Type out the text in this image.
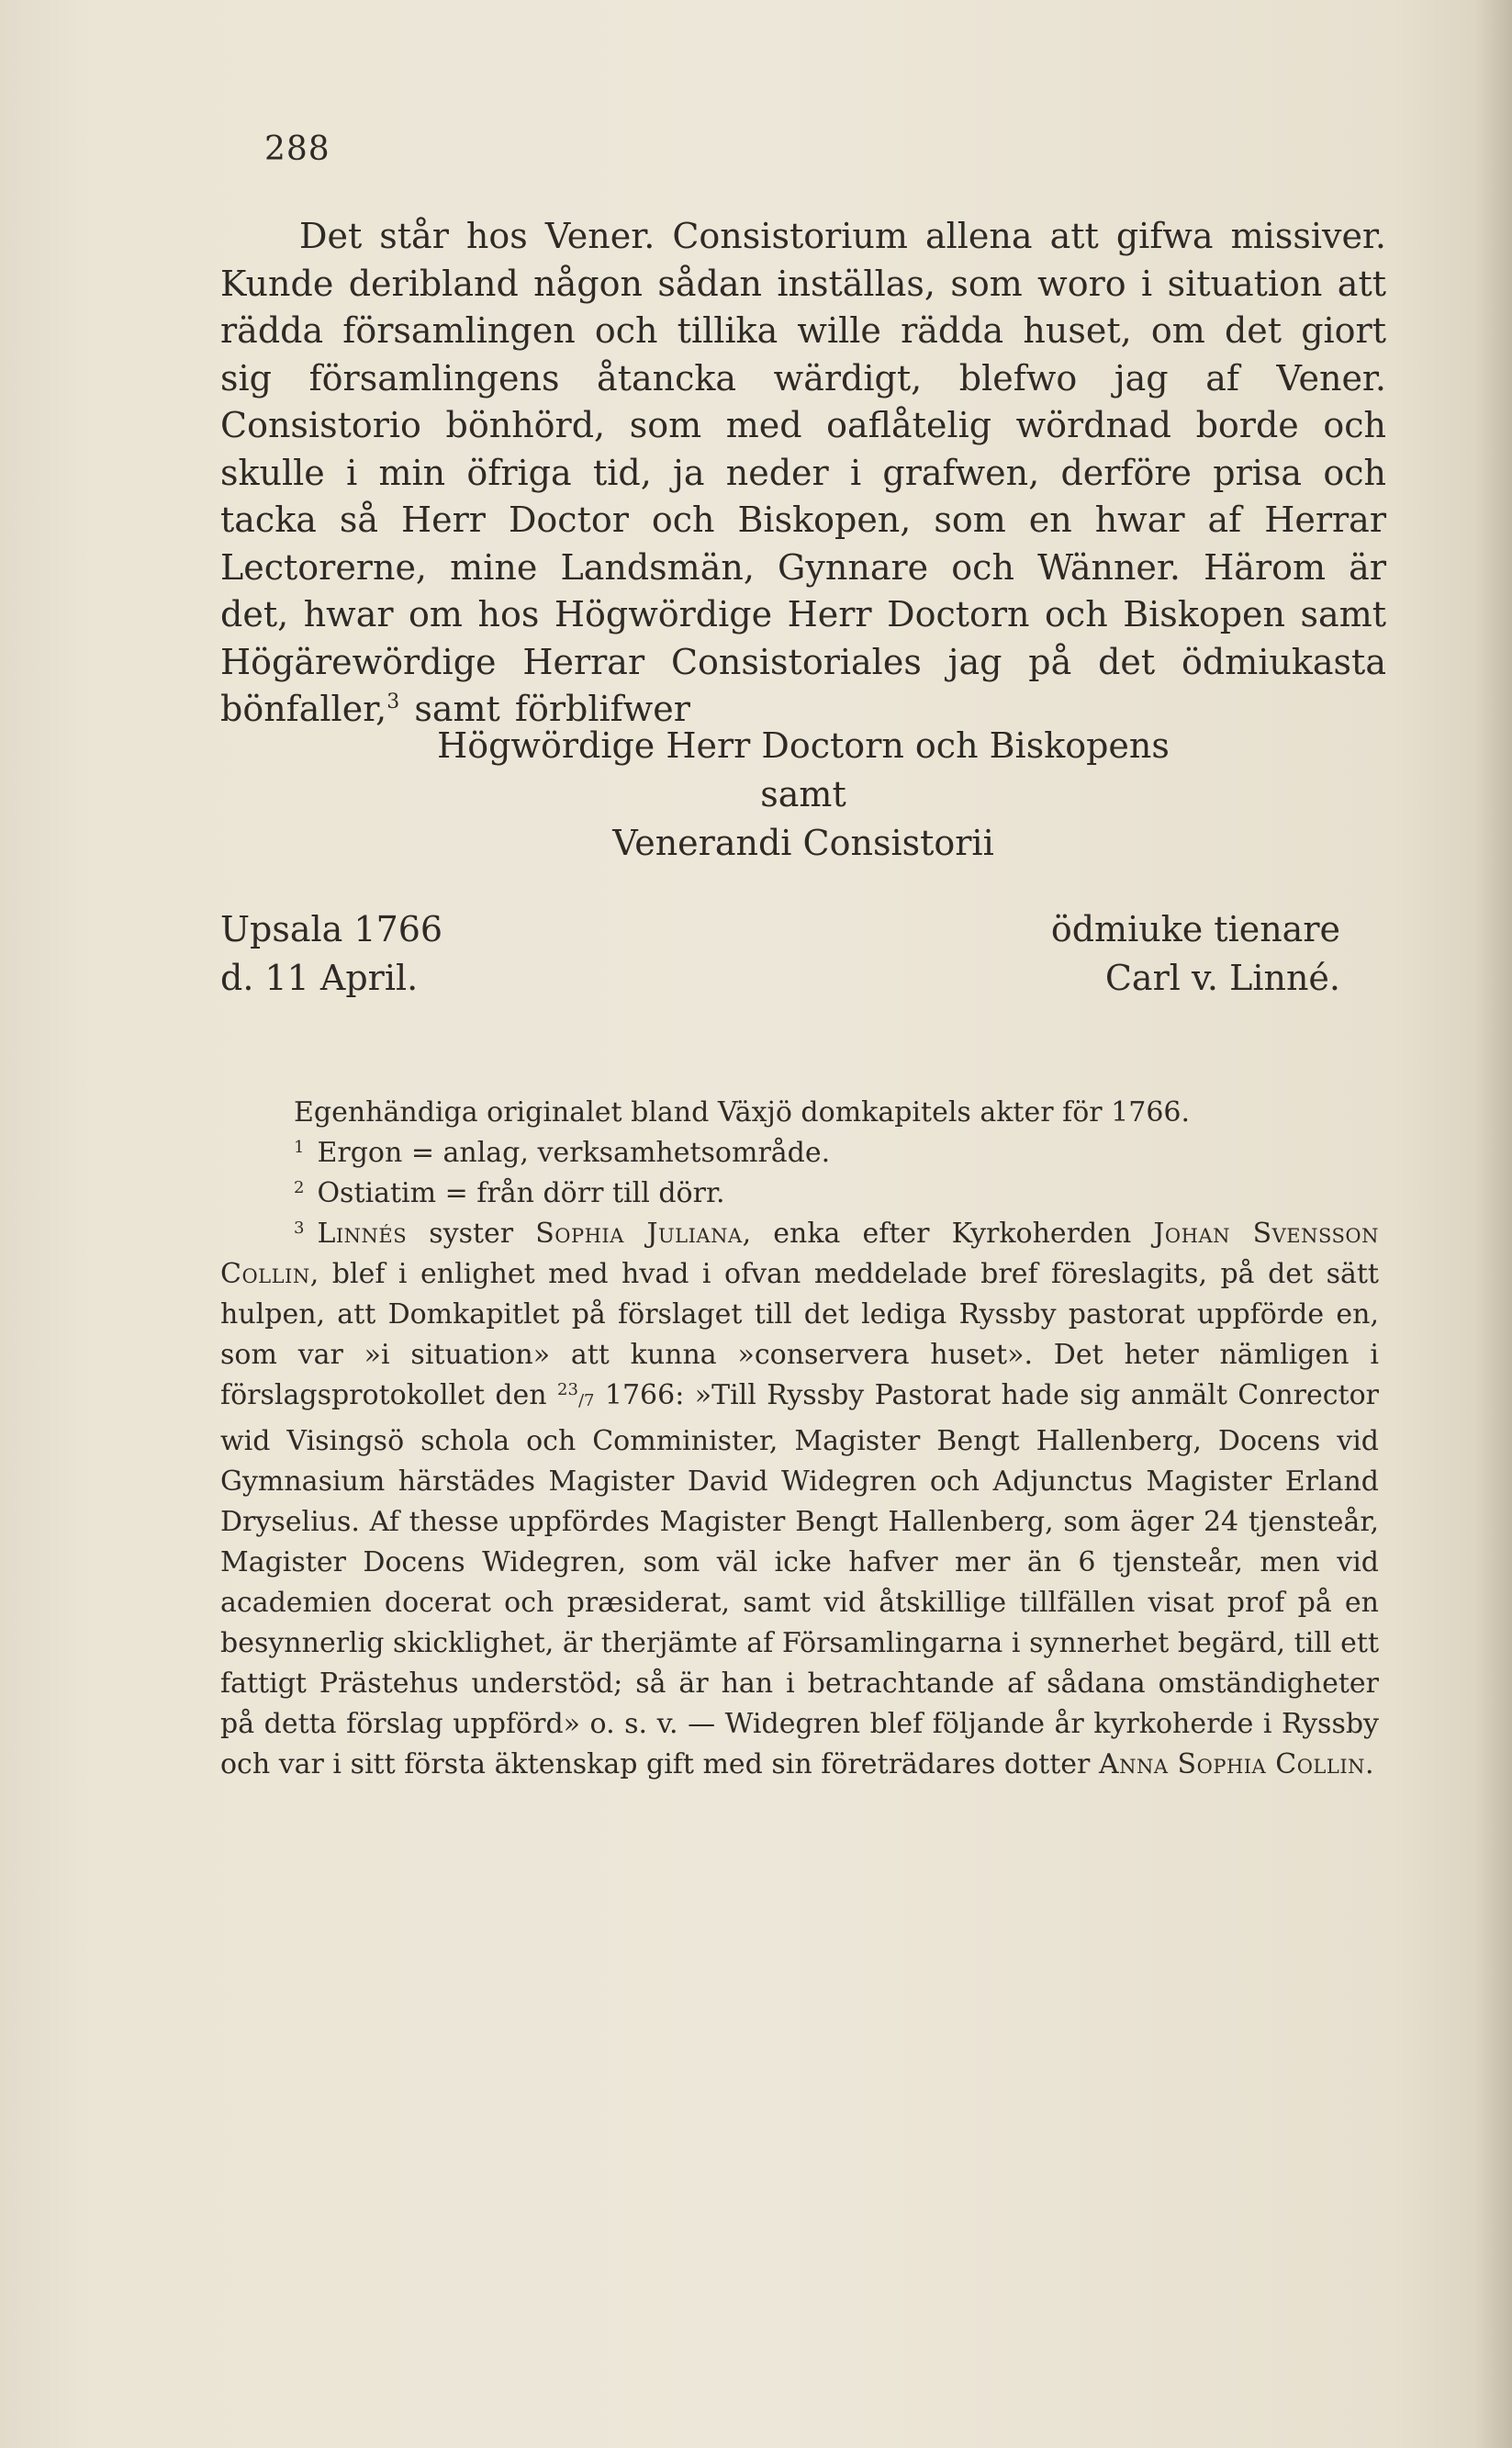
288

Det står hos Vener. Consistorium allena att gifwa missiver. Kunde deribland någon sådan inställas, som woro i situation att rädda församlingen och tillika wille rädda huset, om det giort sig församlingens åtancka wärdigt, blefwo jag af Vener. Consistorio bönhörd, som med oaflåtelig wördnad borde och skulle i min öfriga tid, ja neder i grafwen, derföre prisa och tacka så Herr Doctor och Biskopen, som en hwar af Herrar Lectorerne, mine Landsmän, Gynnare och Wänner. Härom är det, hwar om hos Högwördige Herr Doctorn och Biskopen samt Högärewördige Herrar Consistoriales jag på det ödmiukasta bönfaller,$^3$ samt förblifwer

Högwördige Herr Doctorn och Biskopens
samt
Venerandi Consistorii
Upsala 1766
d. 11 April.
ödmiuke tienare
Carl v. Linné.

Egenhändiga originalet bland Växjö domkapitels akter för 1766.

$^1$ Ergon = anlag, verksamhetsområde.

$^2$ Ostiatim = från dörr till dörr.

$^3$ Linnés syster Sophia Juliana, enka efter Kyrkoherden Johan Svensson Collin, blef i enlighet med hvad i ofvan meddelade bref föreslagits, på det sätt hulpen, att Domkapitlet på förslaget till det lediga Ryssby pastorat uppförde en, som var »i situation» att kunna »conservera huset». Det heter nämligen i förslagsprotokollet den $^{23}$/7 1766: »Till Ryssby Pastorat hade sig anmält Conrector wid Visingsö schola och Comminister, Magister Bengt Hallenberg, Docens vid Gymnasium härstädes Magister David Widegren och Adjunctus Magister Erland Dryselius. Af thesse uppfördes Magister Bengt Hallenberg, som äger 24 tjensteår, Magister Docens Widegren, som väl icke hafver mer än 6 tjensteår, men vid academien docerat och præsiderat, samt vid åtskillige tillfällen visat prof på en besynnerlig skicklighet, är therjämte af Församlingarna i synnerhet begärd, till ett fattigt Prästehus understöd; så är han i betrachtande af sådana omständigheter på detta förslag uppförd» o. s. v. — Widegren blef följande år kyrkoherde i Ryssby och var i sitt första äktenskap gift med sin företrädares dotter Anna Sophia Collin.
